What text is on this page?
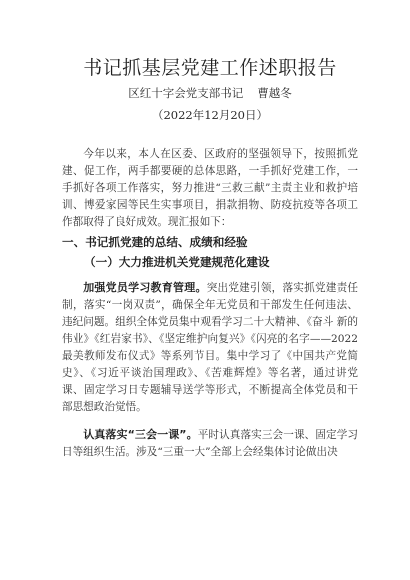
书记抓基层党建工作述职报告

区红十字会党支部书记 曹越冬

（2022年12月20日）

今年以来，本人在区委、区政府的坚强领导下，按照抓党建、促工作，两手都要硬的总体思路，一手抓好党建工作，一手抓好各项工作落实，努力推进“三救三献”主责主业和救护培训、博爱家园等民生实事项目，捐款捐物、防疫抗疫等各项工作都取得了良好成效。现汇报如下：

一、书记抓党建的总结、成绩和经验

（一）大力推进机关党建规范化建设

加强党员学习教育管理。突出党建引领，落实抓党建责任制，落实“一岗双责”，确保全年无党员和干部发生任何违法、违纪问题。组织全体党员集中观看学习二十大精神、《奋斗 新的伟业》《红岩家书》、《坚定维护向复兴》《闪亮的名字——2022最美教师发布仪式》等系列节目。集中学习了《中国共产党简史》、《习近平谈治国理政》、《苦难辉煌》等名著，通过讲党课、固定学习日专题辅导送学等形式，不断提高全体党员和干部思想政治觉悟。

认真落实“三会一课”。平时认真落实三会一课、固定学习日等组织生活。涉及“三重一大”全部上会经集体讨论做出决
